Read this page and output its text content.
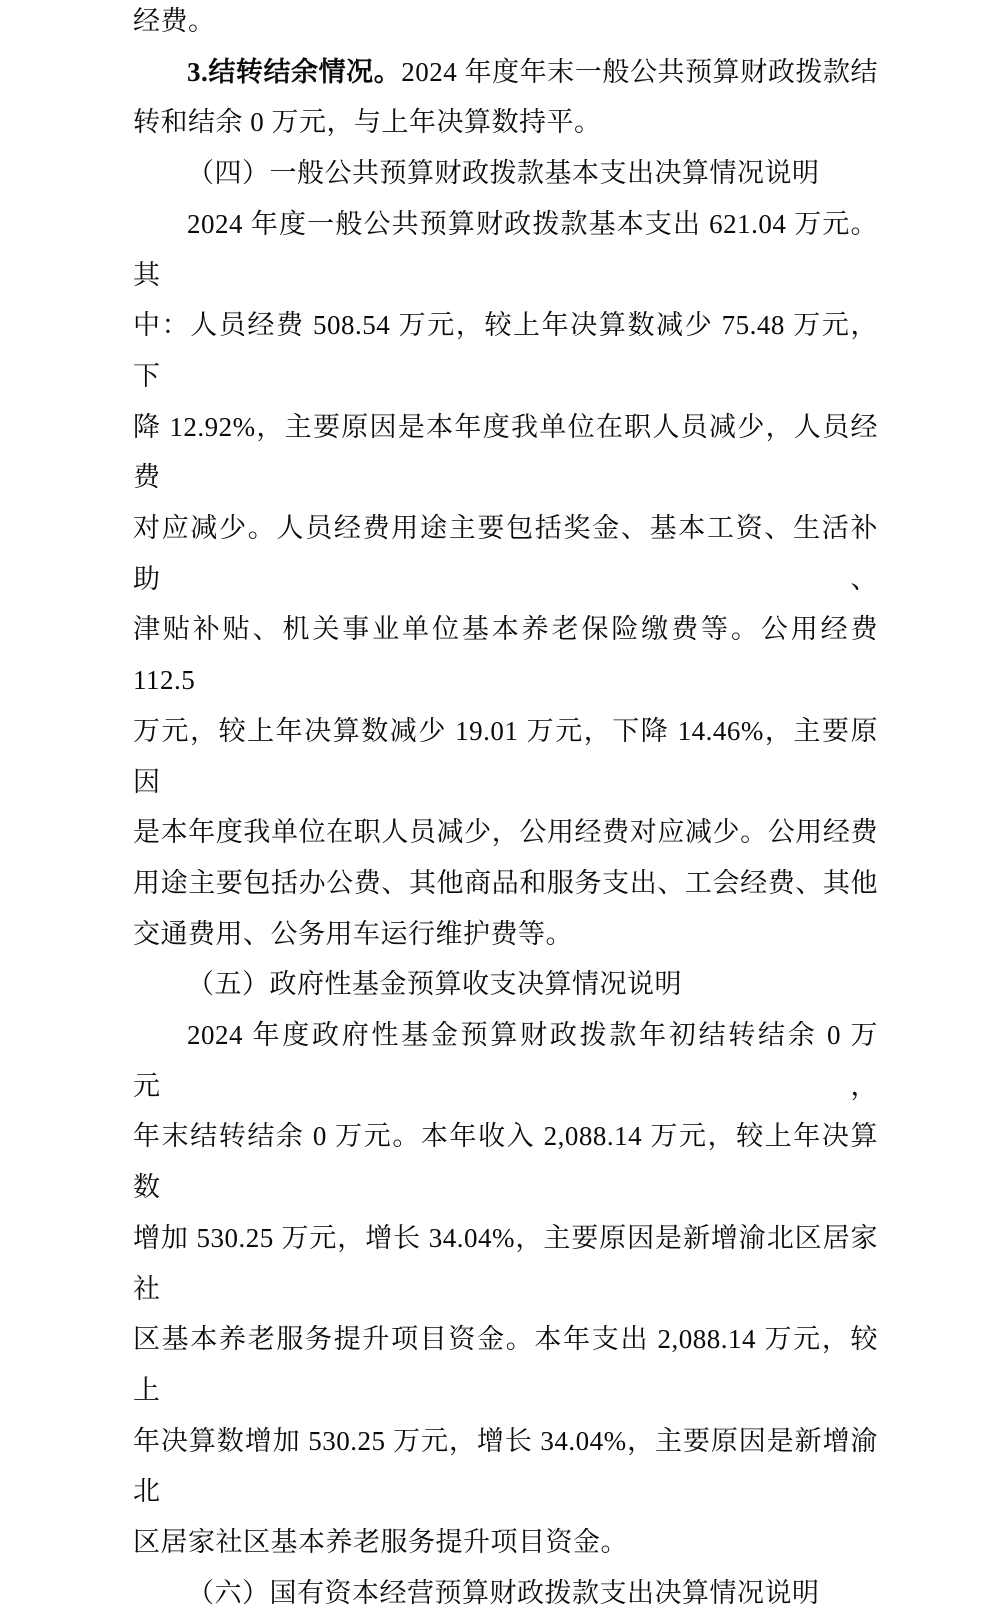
经费。
3.结转结余情况。2024 年度年末一般公共预算财政拨款结
转和结余 0 万元，与上年决算数持平。
（四）一般公共预算财政拨款基本支出决算情况说明
2024 年度一般公共预算财政拨款基本支出 621.04 万元。其
中：人员经费 508.54 万元，较上年决算数减少 75.48 万元，下
降 12.92%，主要原因是本年度我单位在职人员减少，人员经费
对应减少。人员经费用途主要包括奖金、基本工资、生活补助、
津贴补贴、机关事业单位基本养老保险缴费等。公用经费 112.5
万元，较上年决算数减少 19.01 万元，下降 14.46%，主要原因
是本年度我单位在职人员减少，公用经费对应减少。公用经费
用途主要包括办公费、其他商品和服务支出、工会经费、其他
交通费用、公务用车运行维护费等。
（五）政府性基金预算收支决算情况说明
2024 年度政府性基金预算财政拨款年初结转结余 0 万元，
年末结转结余 0 万元。本年收入 2,088.14 万元，较上年决算数
增加 530.25 万元，增长 34.04%，主要原因是新增渝北区居家社
区基本养老服务提升项目资金。本年支出 2,088.14 万元，较上
年决算数增加 530.25 万元，增长 34.04%，主要原因是新增渝北
区居家社区基本养老服务提升项目资金。
（六）国有资本经营预算财政拨款支出决算情况说明
